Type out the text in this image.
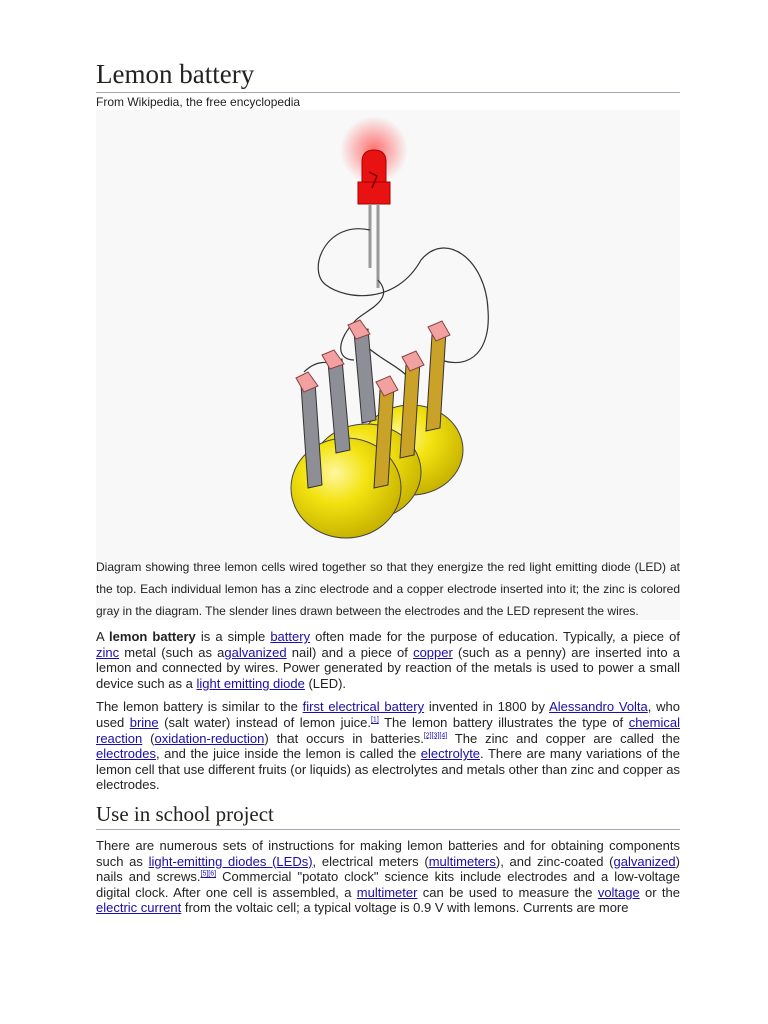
Lemon battery
From Wikipedia, the free encyclopedia
Diagram showing three lemon cells wired together so that they energize the red light emitting diode (LED) at the top. Each individual lemon has a zinc electrode and a copper electrode inserted into it; the zinc is colored gray in the diagram. The slender lines drawn between the electrodes and the LED represent the wires.

A lemon battery is a simple battery often made for the purpose of education. Typically, a piece of zinc metal (such as agalvanized nail) and a piece of copper (such as a penny) are inserted into a lemon and connected by wires. Power generated by reaction of the metals is used to power a small device such as a light emitting diode (LED).

The lemon battery is similar to the first electrical battery invented in 1800 by Alessandro Volta, who used brine (salt water) instead of lemon juice.[1] The lemon battery illustrates the type of chemical reaction (oxidation-reduction) that occurs in batteries.[2][3][4] The zinc and copper are called the electrodes, and the juice inside the lemon is called the electrolyte. There are many variations of the lemon cell that use different fruits (or liquids) as electrolytes and metals other than zinc and copper as electrodes.

Use in school project

There are numerous sets of instructions for making lemon batteries and for obtaining components such as light-emitting diodes (LEDs), electrical meters (multimeters), and zinc-coated (galvanized) nails and screws.[5][6] Commercial "potato clock" science kits include electrodes and a low-voltage digital clock. After one cell is assembled, a multimeter can be used to measure the voltage or the electric current from the voltaic cell; a typical voltage is 0.9 V with lemons. Currents are more
